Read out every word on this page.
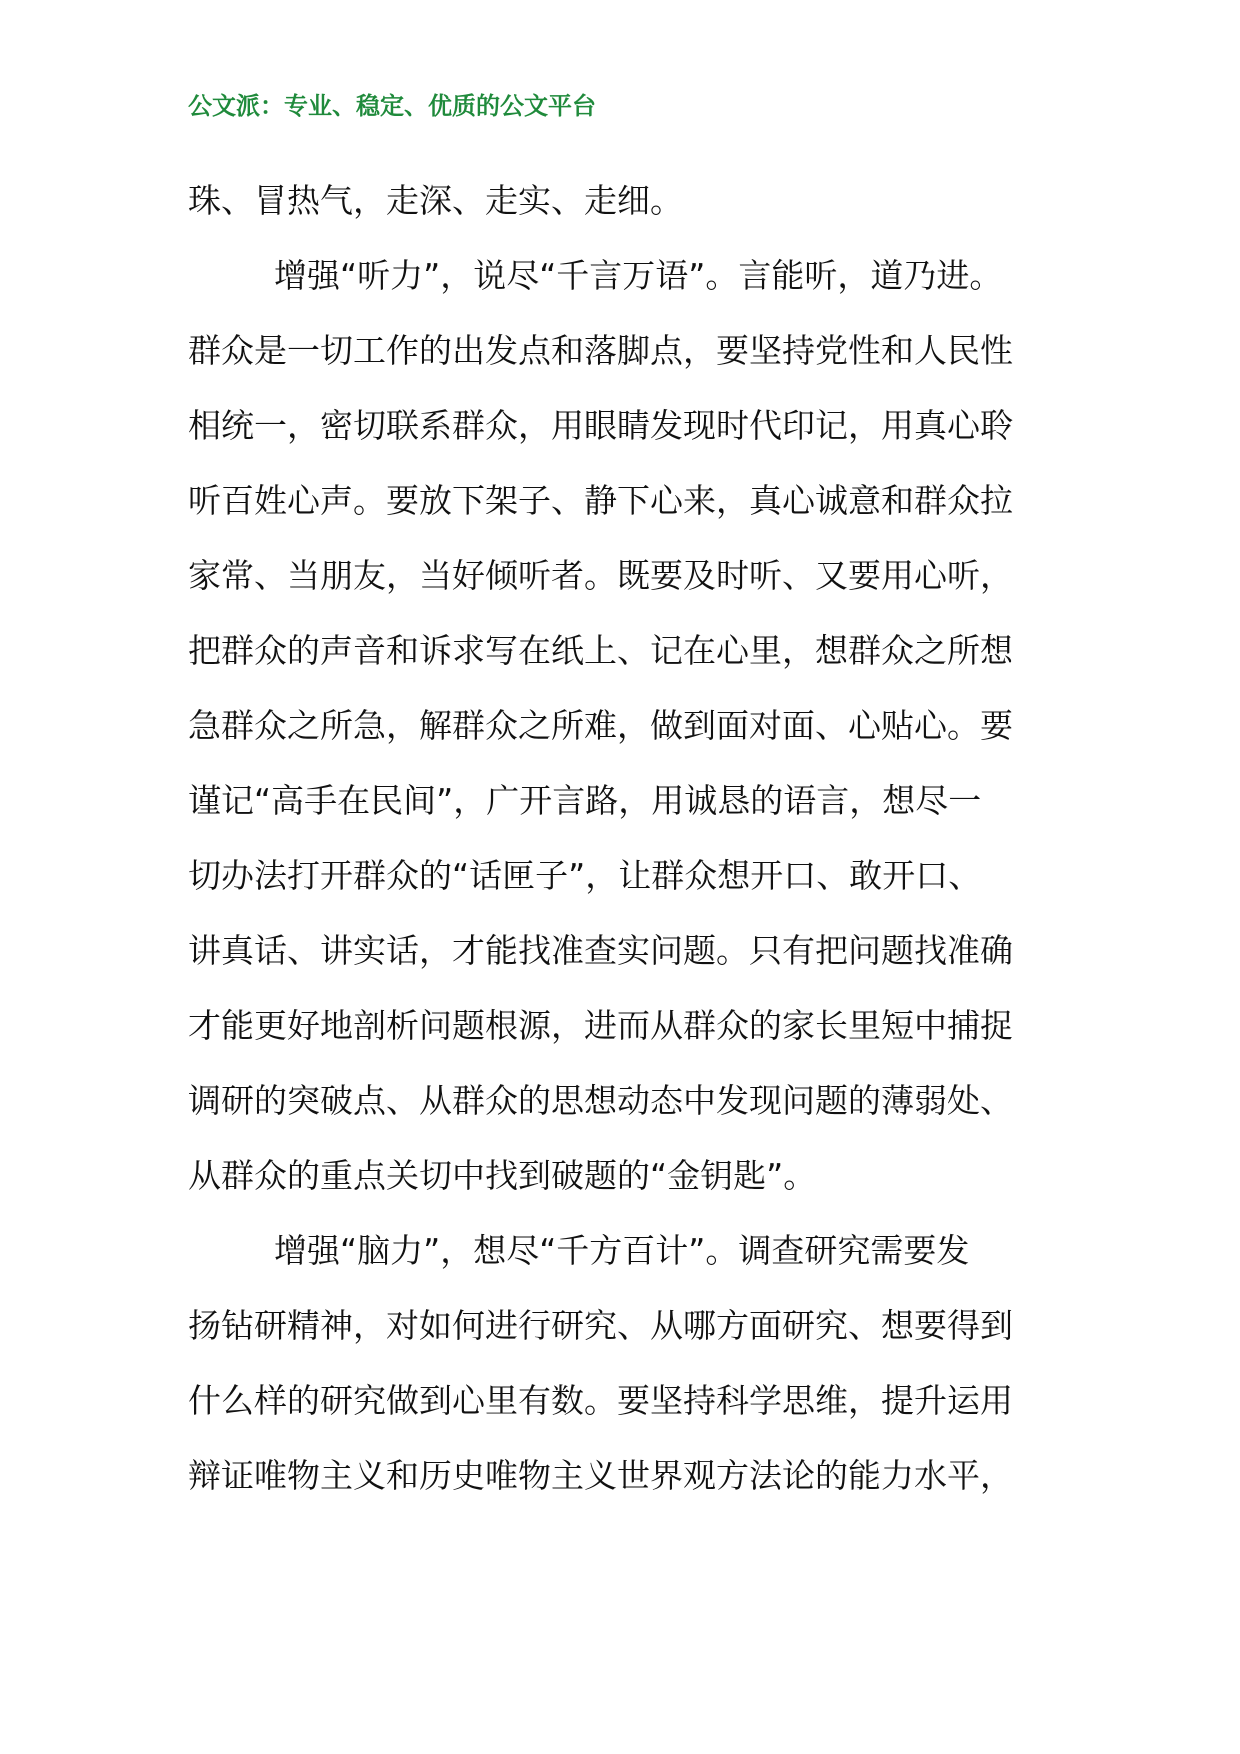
公文派：专业、稳定、优质的公文平台
珠、冒热气，走深、走实、走细。
增强“听力”，说尽“千言万语”。言能听，道乃进。
群众是一切工作的出发点和落脚点，要坚持党性和人民性
相统一，密切联系群众，用眼睛发现时代印记，用真心聆
听百姓心声。要放下架子、静下心来，真心诚意和群众拉
家常、当朋友，当好倾听者。既要及时听、又要用心听，
把群众的声音和诉求写在纸上、记在心里，想群众之所想
急群众之所急，解群众之所难，做到面对面、心贴心。要
谨记“高手在民间”，广开言路，用诚恳的语言，想尽一
切办法打开群众的“话匣子”，让群众想开口、敢开口、
讲真话、讲实话，才能找准查实问题。只有把问题找准确
才能更好地剖析问题根源，进而从群众的家长里短中捕捉
调研的突破点、从群众的思想动态中发现问题的薄弱处、
从群众的重点关切中找到破题的“金钥匙”。
增强“脑力”，想尽“千方百计”。调查研究需要发
扬钻研精神，对如何进行研究、从哪方面研究、想要得到
什么样的研究做到心里有数。要坚持科学思维，提升运用
辩证唯物主义和历史唯物主义世界观方法论的能力水平，
